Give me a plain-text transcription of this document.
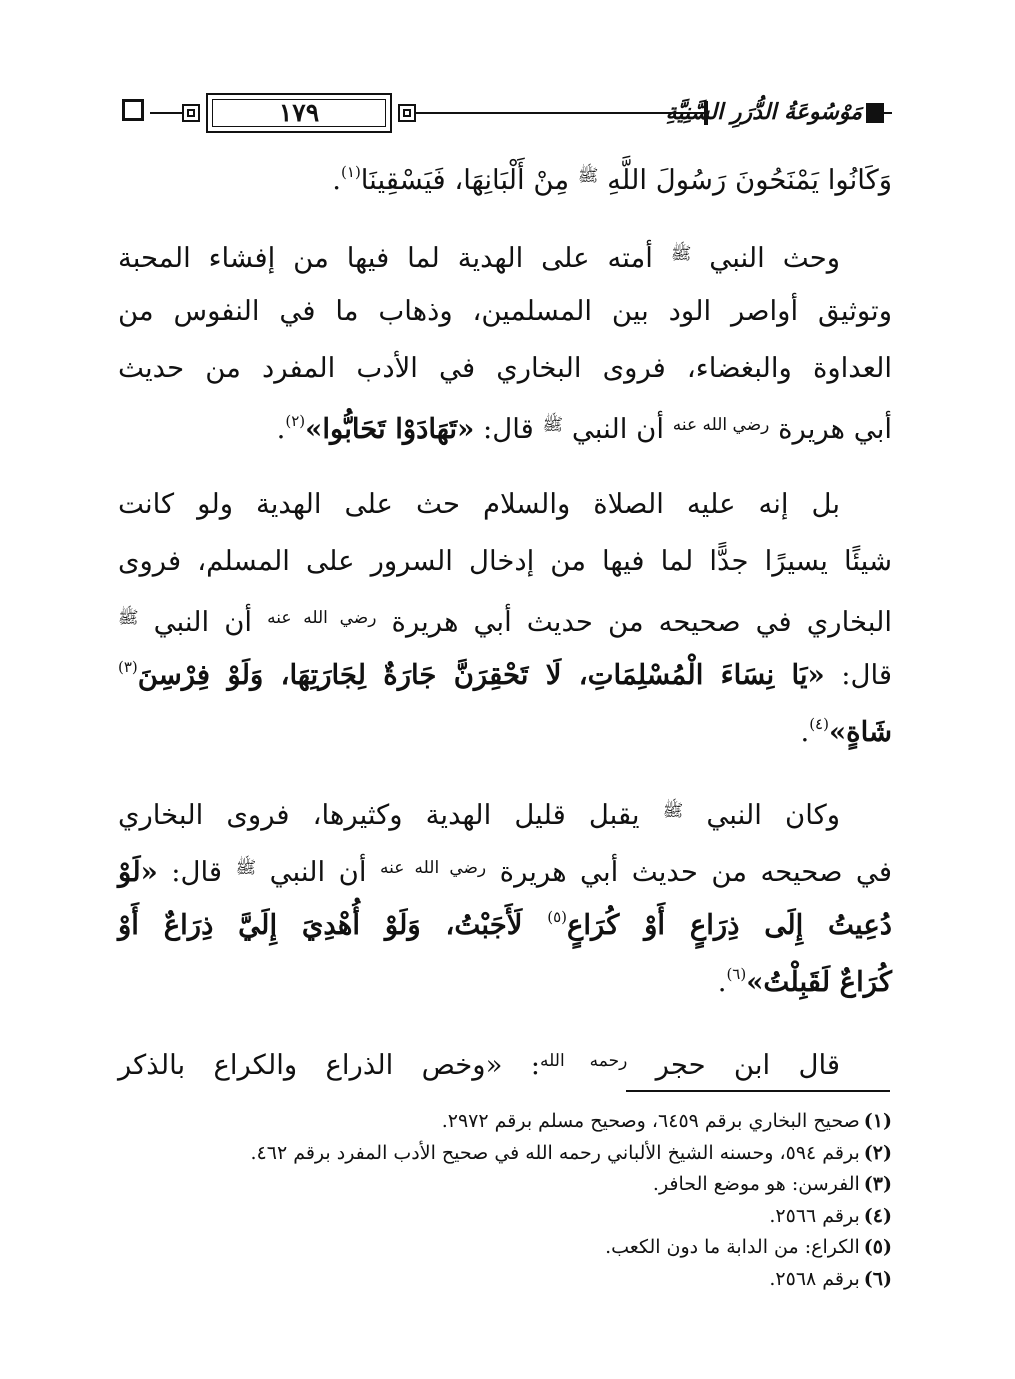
١٧٩	مَوْسُوعَةُ الدُّرَرِ السَّنِيَّةِ
وَكَانُوا يَمْنَحُونَ رَسُولَ اللَّهِ $^ﷺ$ مِنْ أَلْبَانِهَا، فَيَسْقِينَا$^{(١)}$.
وحث النبي $^ﷺ$ أمته على الهدية لما فيها من إفشاء المحبة
وتوثيق أواصر الود بين المسلمين، وذهاب ما في النفوس من
العداوة والبغضاء، فروى البخاري في الأدب المفرد من حديث
أبي هريرة $^{رضي الله عنه}$ أن النبي $^ﷺ$ قال: «تَهَادَوْا تَحَابُّوا»$^{(٢)}$.
بل إنه عليه الصلاة والسلام حث على الهدية ولو كانت
شيئًا يسيرًا جدًّا لما فيها من إدخال السرور على المسلم، فروى
البخاري في صحيحه من حديث أبي هريرة $^{رضي الله عنه}$ أن النبي $^ﷺ$
قال: «يَا نِسَاءَ الْمُسْلِمَاتِ، لَا تَحْقِرَنَّ جَارَةٌ لِجَارَتِهَا، وَلَوْ فِرْسِنَ$^{(٣)}$
شَاةٍ»$^{(٤)}$.
وكان النبي $^ﷺ$ يقبل قليل الهدية وكثيرها، فروى البخاري
في صحيحه من حديث أبي هريرة $^{رضي الله عنه}$ أن النبي $^ﷺ$ قال: «لَوْ
دُعِيتُ إِلَى ذِرَاعٍ أَوْ كُرَاعٍ$^{(٥)}$ لَأَجَبْتُ، وَلَوْ أُهْدِيَ إِلَيَّ ذِرَاعٌ أَوْ
كُرَاعٌ لَقَبِلْتُ»$^{(٦)}$.
قال ابن حجر $^{رحمه الله}$: «وخص الذراع والكراع بالذكر
(١)صحيح البخاري برقم ٦٤٥٩، وصحيح مسلم برقم ٢٩٧٢.
(٢)برقم ٥٩٤، وحسنه الشيخ الألباني رحمه الله في صحيح الأدب المفرد برقم ٤٦٢.
(٣)الفرسن: هو موضع الحافر.
(٤)برقم ٢٥٦٦.
(٥)الكراع: من الدابة ما دون الكعب.
(٦)برقم ٢٥٦٨.
